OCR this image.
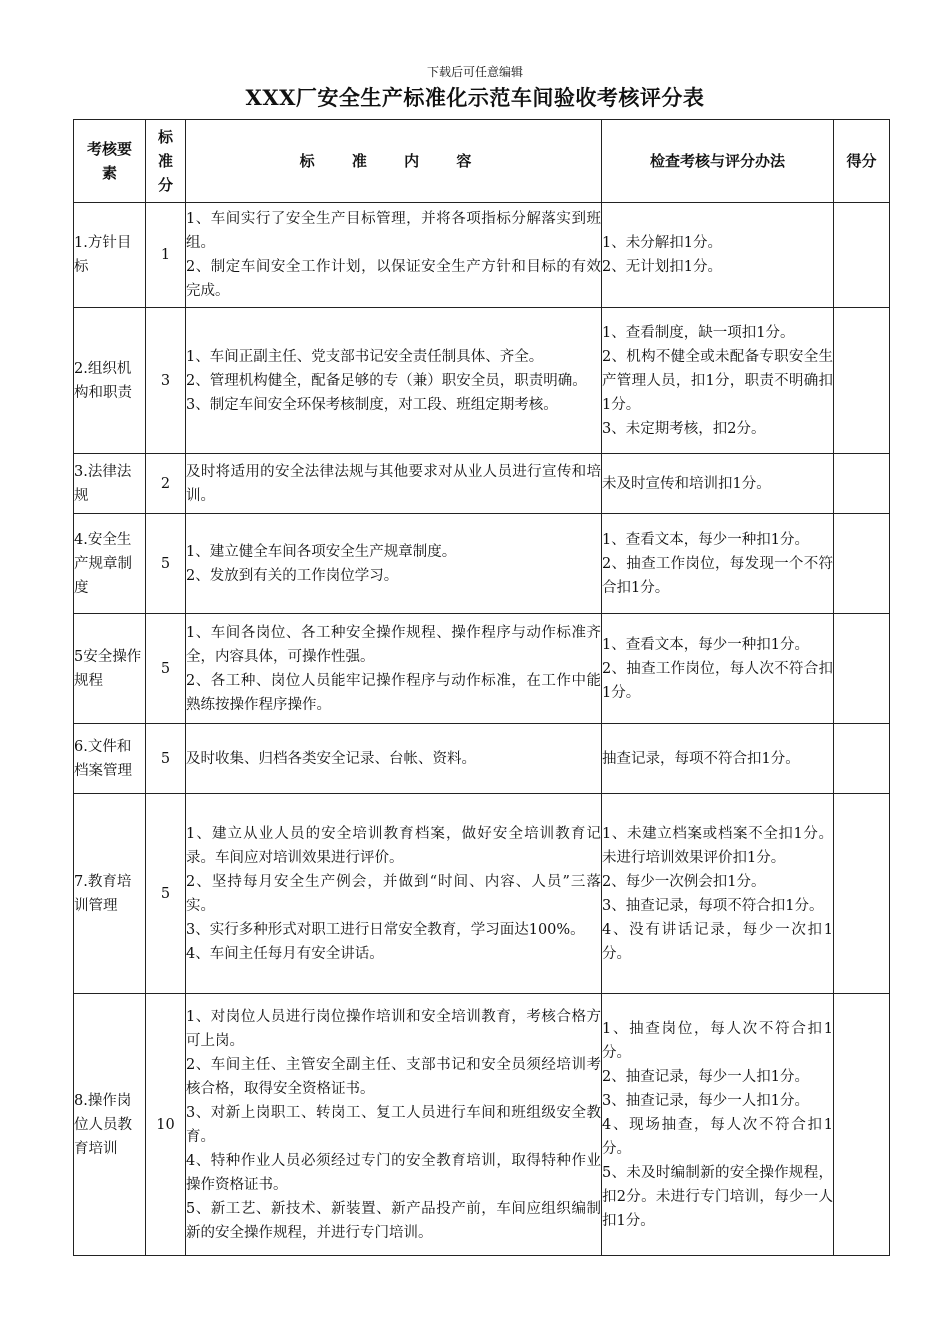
下载后可任意编辑
XXX厂安全生产标准化示范车间验收考核评分表
考核要素	标准分	标 准 内 容	检查考核与评分办法	得分
1.方针目标	1	1、车间实行了安全生产目标管理，并将各项指标分解落实到班组。
2、制定车间安全工作计划，以保证安全生产方针和目标的有效完成。	1、未分解扣1分。
2、无计划扣1分。	

2.组织机构和职责	3	1、车间正副主任、党支部书记安全责任制具体、齐全。
2、管理机构健全，配备足够的专（兼）职安全员，职责明确。
3、制定车间安全环保考核制度，对工段、班组定期考核。	1、查看制度，缺一项扣1分。
2、机构不健全或未配备专职安全生产管理人员，扣1分，职责不明确扣1分。
3、未定期考核，扣2分。	

3.法律法规	2	及时将适用的安全法律法规与其他要求对从业人员进行宣传和培训。	未及时宣传和培训扣1分。	

4.安全生产规章制度	5	1、建立健全车间各项安全生产规章制度。
2、发放到有关的工作岗位学习。	1、查看文本，每少一种扣1分。
2、抽查工作岗位，每发现一个不符合扣1分。	

5安全操作规程	5	1、车间各岗位、各工种安全操作规程、操作程序与动作标准齐全，内容具体，可操作性强。
2、各工种、岗位人员能牢记操作程序与动作标准，在工作中能熟练按操作程序操作。	1、查看文本，每少一种扣1分。
2、抽查工作岗位，每人次不符合扣1分。	

6.文件和档案管理	5	及时收集、归档各类安全记录、台帐、资料。	抽查记录，每项不符合扣1分。	

7.教育培训管理	5	1、建立从业人员的安全培训教育档案，做好安全培训教育记录。车间应对培训效果进行评价。
2、坚持每月安全生产例会，并做到“时间、内容、人员”三落实。
3、实行多种形式对职工进行日常安全教育，学习面达100%。
4、车间主任每月有安全讲话。	1、未建立档案或档案不全扣1分。未进行培训效果评价扣1分。
2、每少一次例会扣1分。
3、抽查记录，每项不符合扣1分。
4、没有讲话记录，每少一次扣1分。	

8.操作岗位人员教育培训	10	1、对岗位人员进行岗位操作培训和安全培训教育，考核合格方可上岗。
2、车间主任、主管安全副主任、支部书记和安全员须经培训考核合格，取得安全资格证书。
3、对新上岗职工、转岗工、复工人员进行车间和班组级安全教育。
4、特种作业人员必须经过专门的安全教育培训，取得特种作业操作资格证书。
5、新工艺、新技术、新装置、新产品投产前，车间应组织编制新的安全操作规程，并进行专门培训。	1、抽查岗位，每人次不符合扣1分。
2、抽查记录，每少一人扣1分。
3、抽查记录，每少一人扣1分。
4、现场抽查，每人次不符合扣1分。
5、未及时编制新的安全操作规程，扣2分。未进行专门培训，每少一人扣1分。	
